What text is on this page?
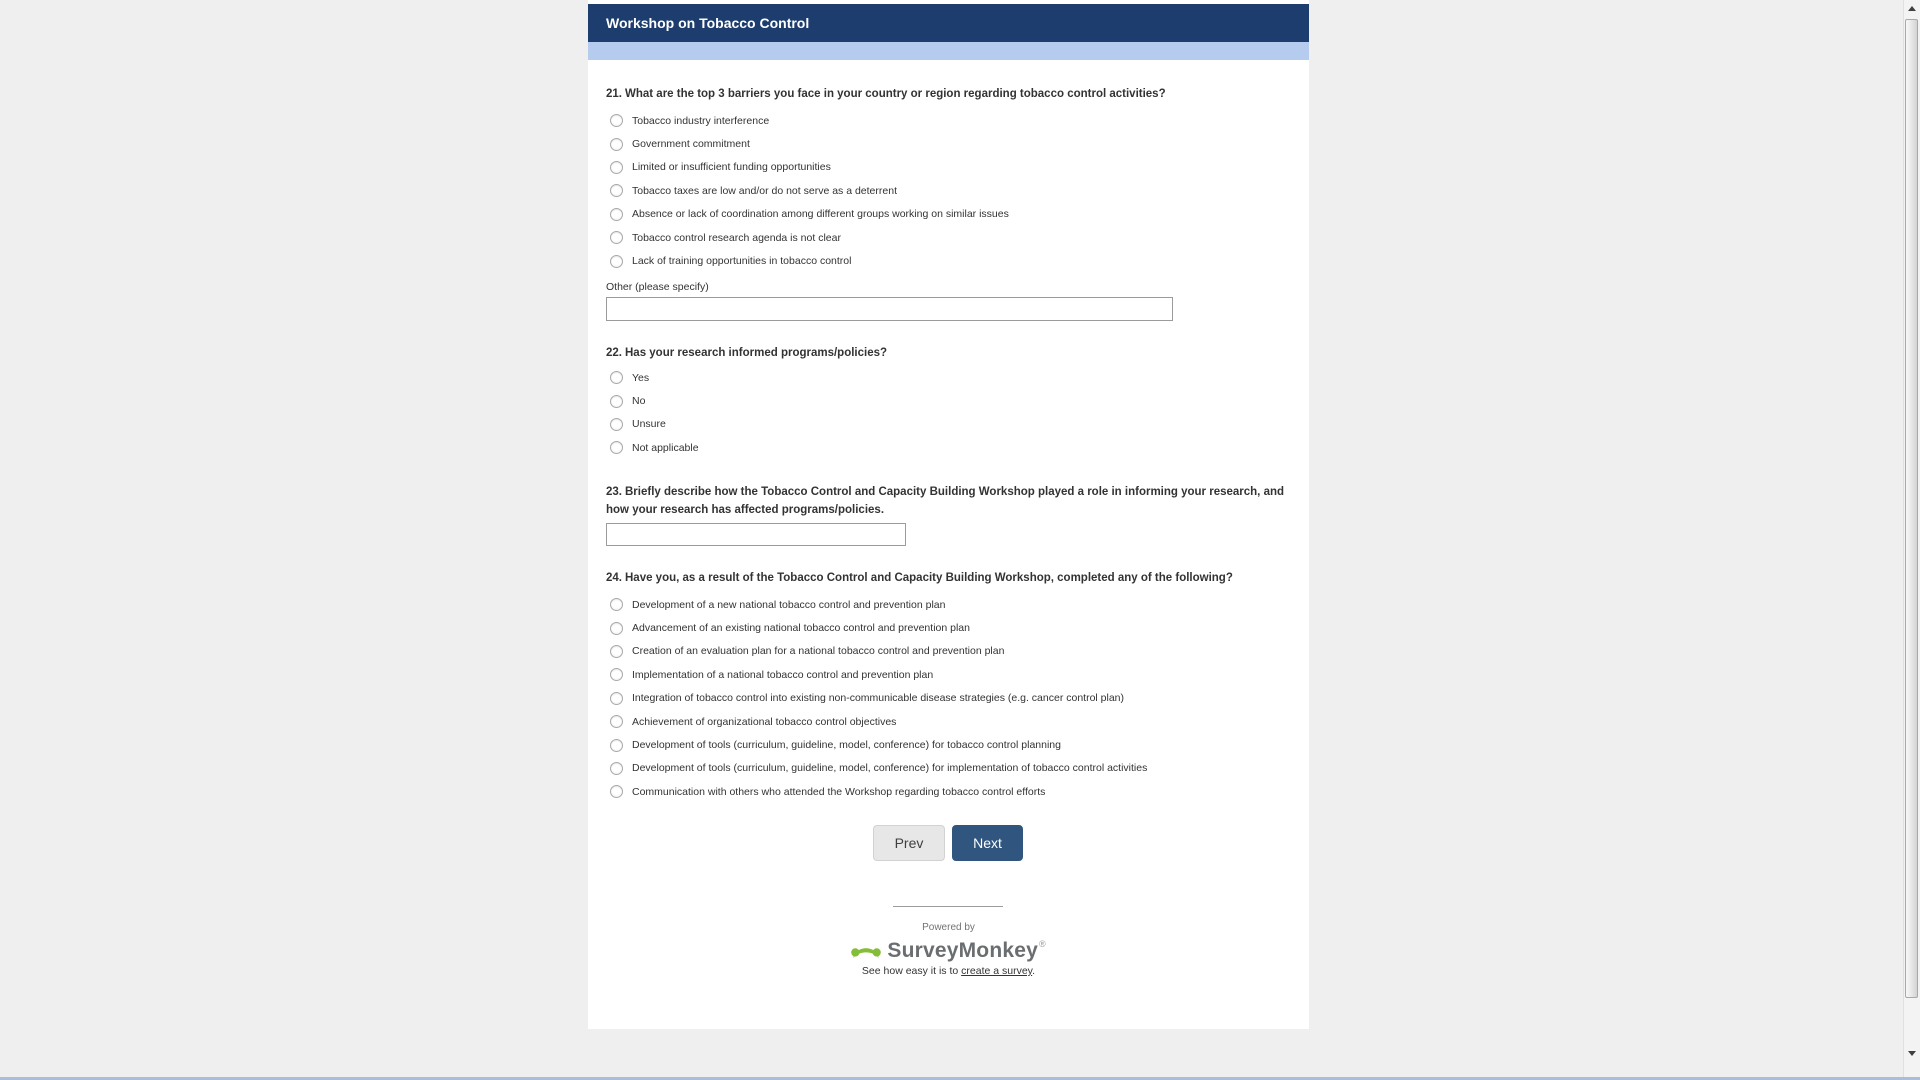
Workshop on Tobacco Control
21. What are the top 3 barriers you face in your country or region regarding tobacco control activities?
Tobacco industry interference
Government commitment
Limited or insufficient funding opportunities
Tobacco taxes are low and/or do not serve as a deterrent
Absence or lack of coordination among different groups working on similar issues
Tobacco control research agenda is not clear
Lack of training opportunities in tobacco control
Other (please specify)
22. Has your research informed programs/policies?
Yes
No
Unsure
Not applicable
23. Briefly describe how the Tobacco Control and Capacity Building Workshop played a role in informing your research, and how your research has affected programs/policies.
24. Have you, as a result of the Tobacco Control and Capacity Building Workshop, completed any of the following?
Development of a new national tobacco control and prevention plan
Advancement of an existing national tobacco control and prevention plan
Creation of an evaluation plan for a national tobacco control and prevention plan
Implementation of a national tobacco control and prevention plan
Integration of tobacco control into existing non-communicable disease strategies (e.g. cancer control plan)
Achievement of organizational tobacco control objectives
Development of tools (curriculum, guideline, model, conference) for tobacco control planning
Development of tools (curriculum, guideline, model, conference) for implementation of tobacco control activities
Communication with others who attended the Workshop regarding tobacco control efforts
Prev	Next
Powered by
SurveyMonkey ®
See how easy it is to create a survey.
